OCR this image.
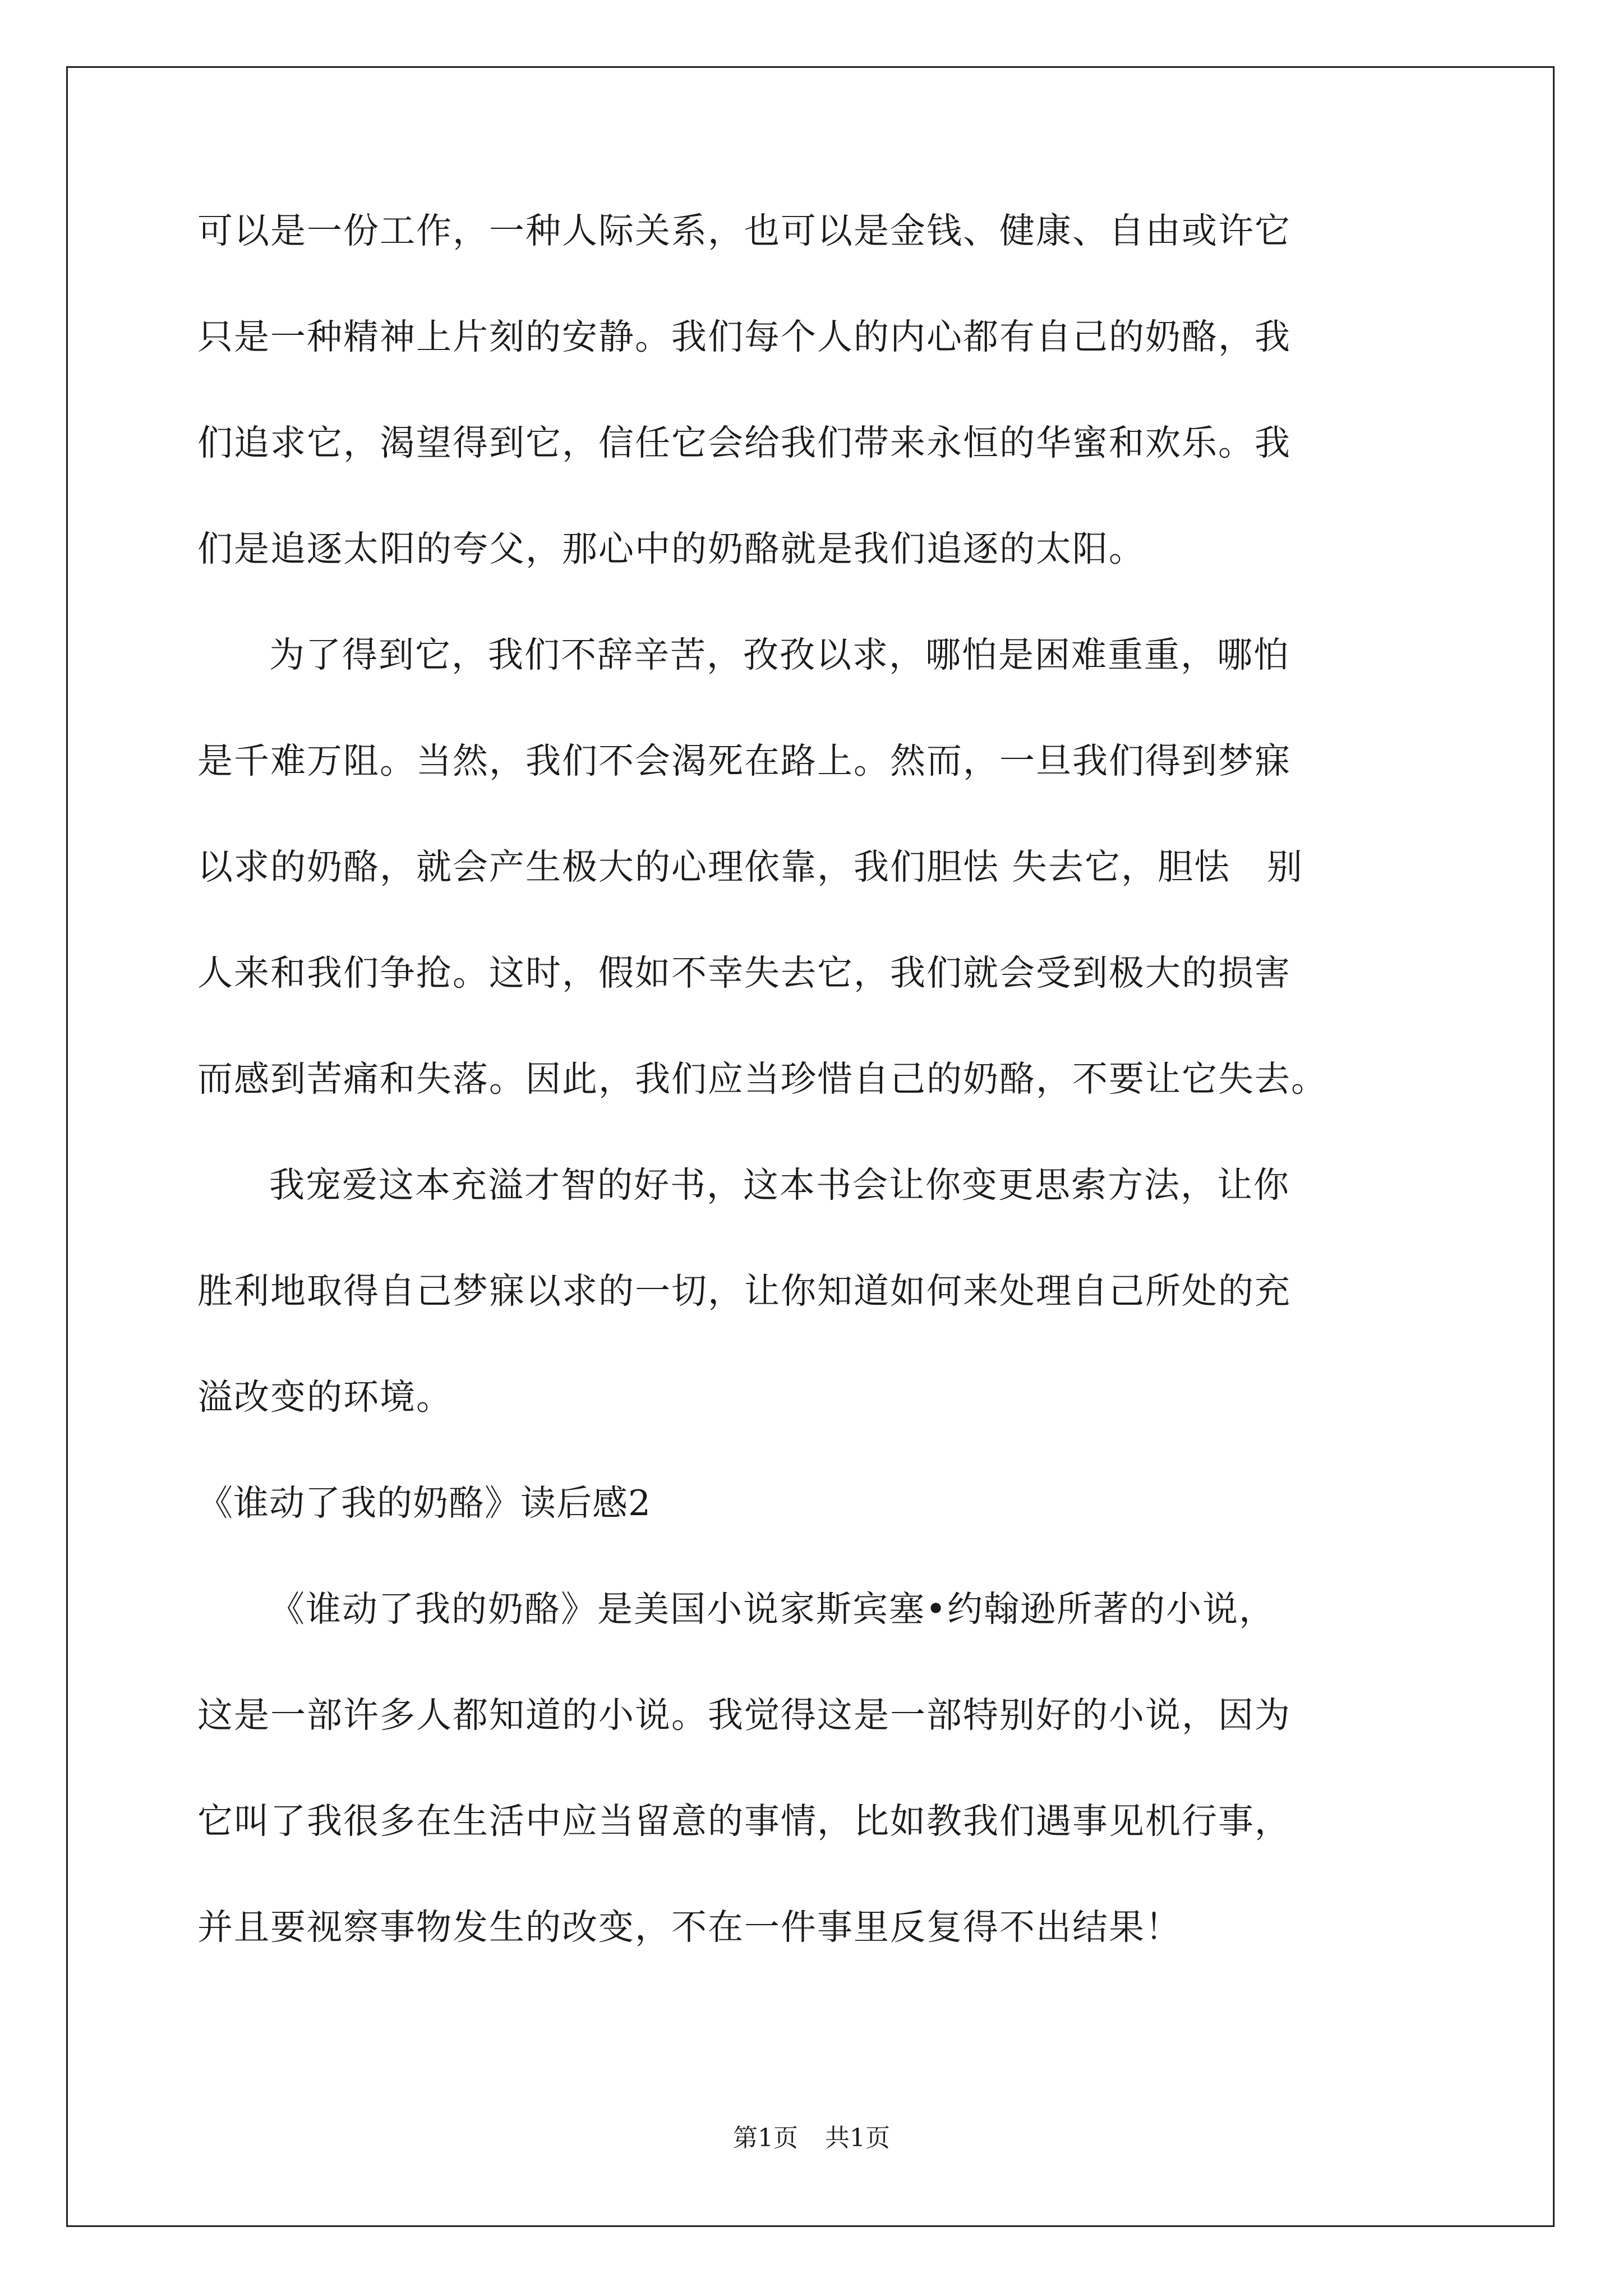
可以是一份工作，一种人际关系，也可以是金钱、健康、自由或许它

只是一种精神上片刻的安静。我们每个人的内心都有自己的奶酪，我

们追求它，渴望得到它，信任它会给我们带来永恒的华蜜和欢乐。我

们是追逐太阳的夸父，那心中的奶酪就是我们追逐的太阳。

为了得到它，我们不辞辛苦，孜孜以求，哪怕是困难重重，哪怕

是千难万阻。当然，我们不会渴死在路上。然而，一旦我们得到梦寐

以求的奶酪，就会产生极大的心理依靠，我们胆怯 失去它，胆怯　别

人来和我们争抢。这时，假如不幸失去它，我们就会受到极大的损害

而感到苦痛和失落。因此，我们应当珍惜自己的奶酪，不要让它失去。

我宠爱这本充溢才智的好书，这本书会让你变更思索方法，让你

胜利地取得自己梦寐以求的一切，让你知道如何来处理自己所处的充

溢改变的环境。

《谁动了我的奶酪》读后感2

《谁动了我的奶酪》是美国小说家斯宾塞•约翰逊所著的小说，

这是一部许多人都知道的小说。我觉得这是一部特别好的小说，因为

它叫了我很多在生活中应当留意的事情，比如教我们遇事见机行事，

并且要视察事物发生的改变，不在一件事里反复得不出结果！

第1页 共1页
